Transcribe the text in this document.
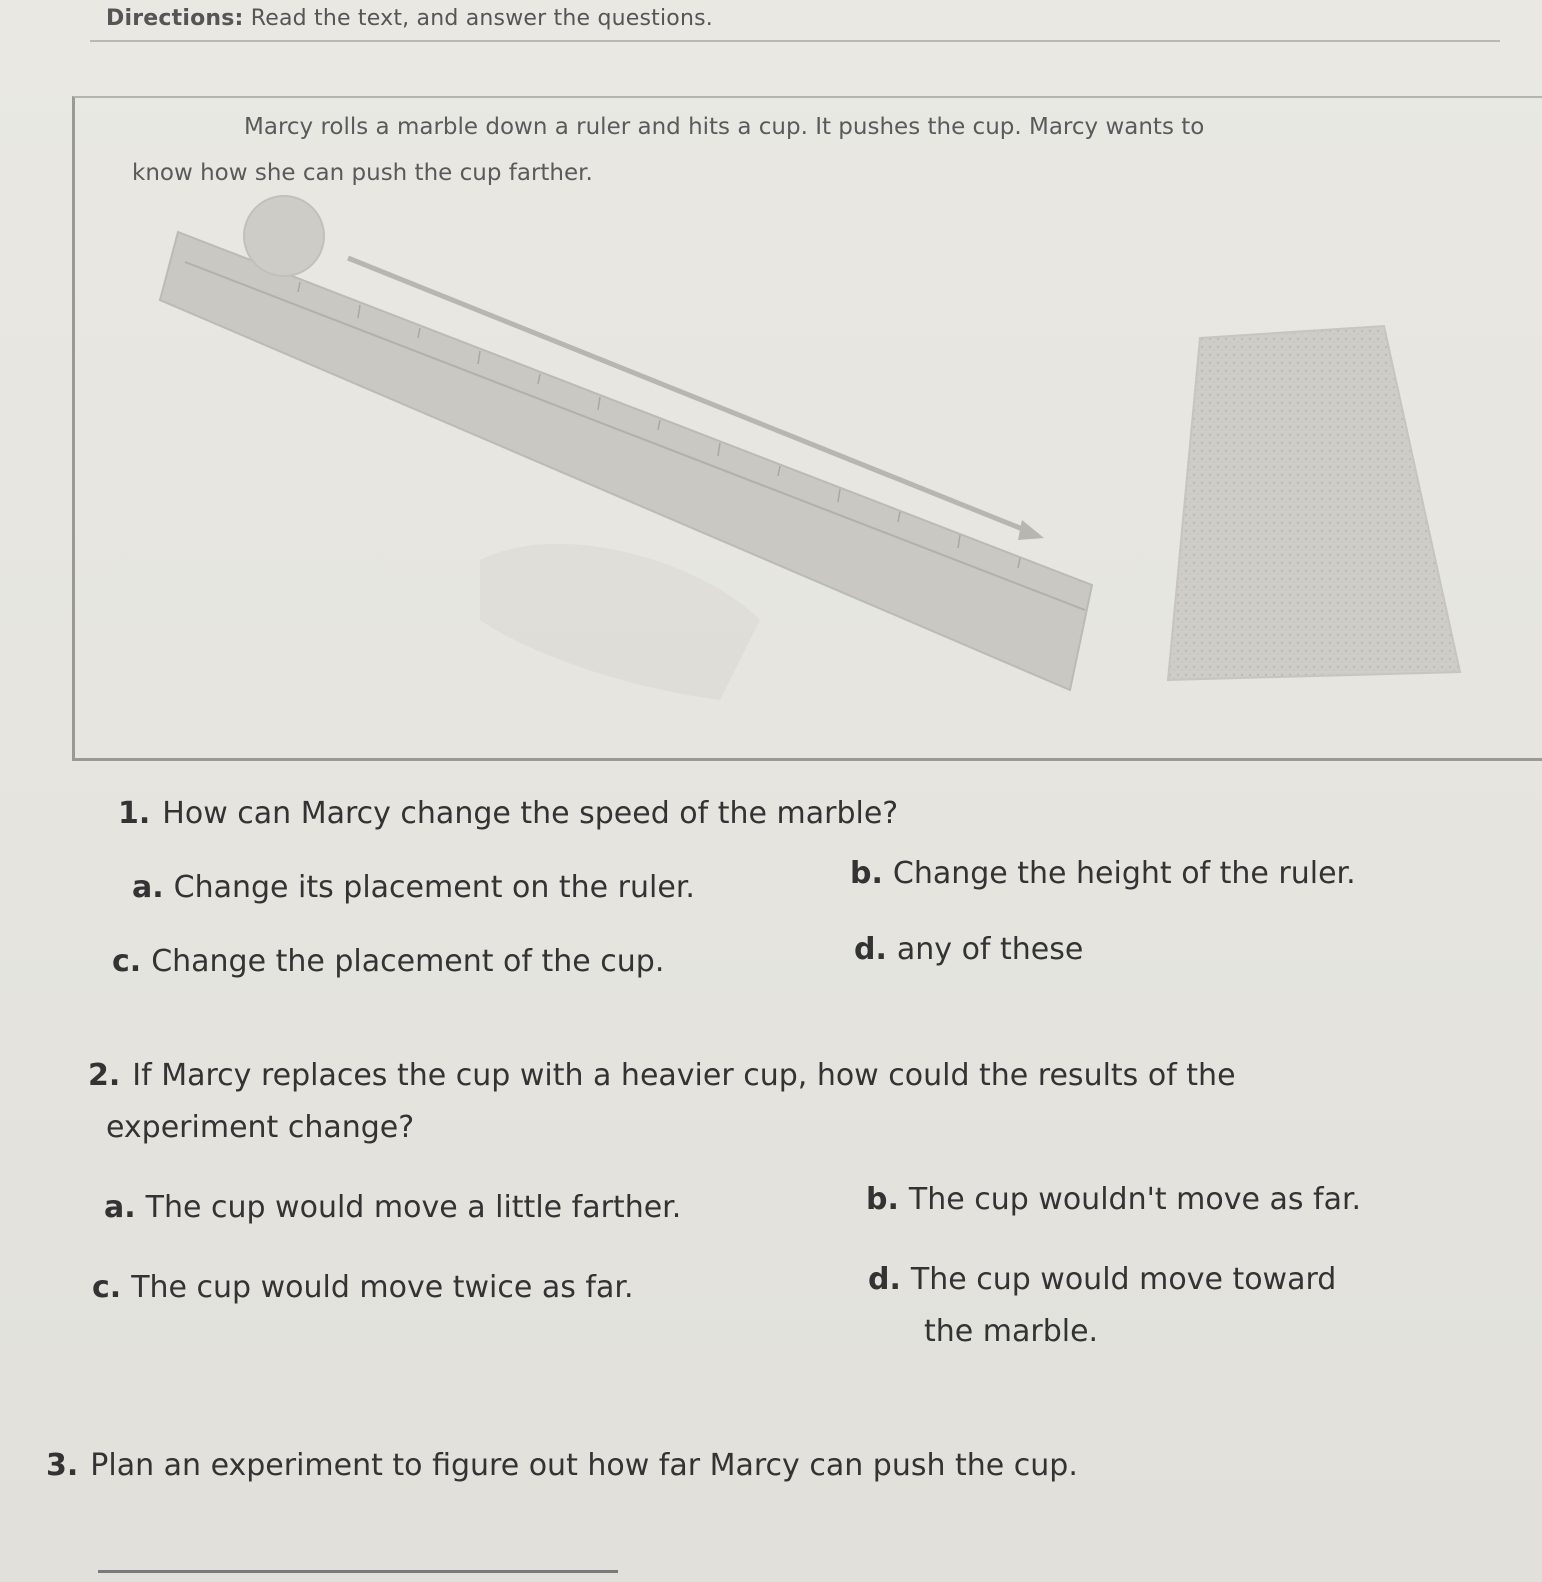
Directions: Read the text, and answer the questions.
Marcy rolls a marble down a ruler and hits a cup. It pushes the cup. Marcy wants to
know how she can push the cup farther.
1. How can Marcy change the speed of the marble?
a. Change its placement on the ruler.	b. Change the height of the ruler.
c. Change the placement of the cup.	d. any of these
2. If Marcy replaces the cup with a heavier cup, how could the results of the
experiment change?
a. The cup would move a little farther.	b. The cup wouldn't move as far.
c. The cup would move twice as far.	d. The cup would move toward
the marble.
3. Plan an experiment to figure out how far Marcy can push the cup.
